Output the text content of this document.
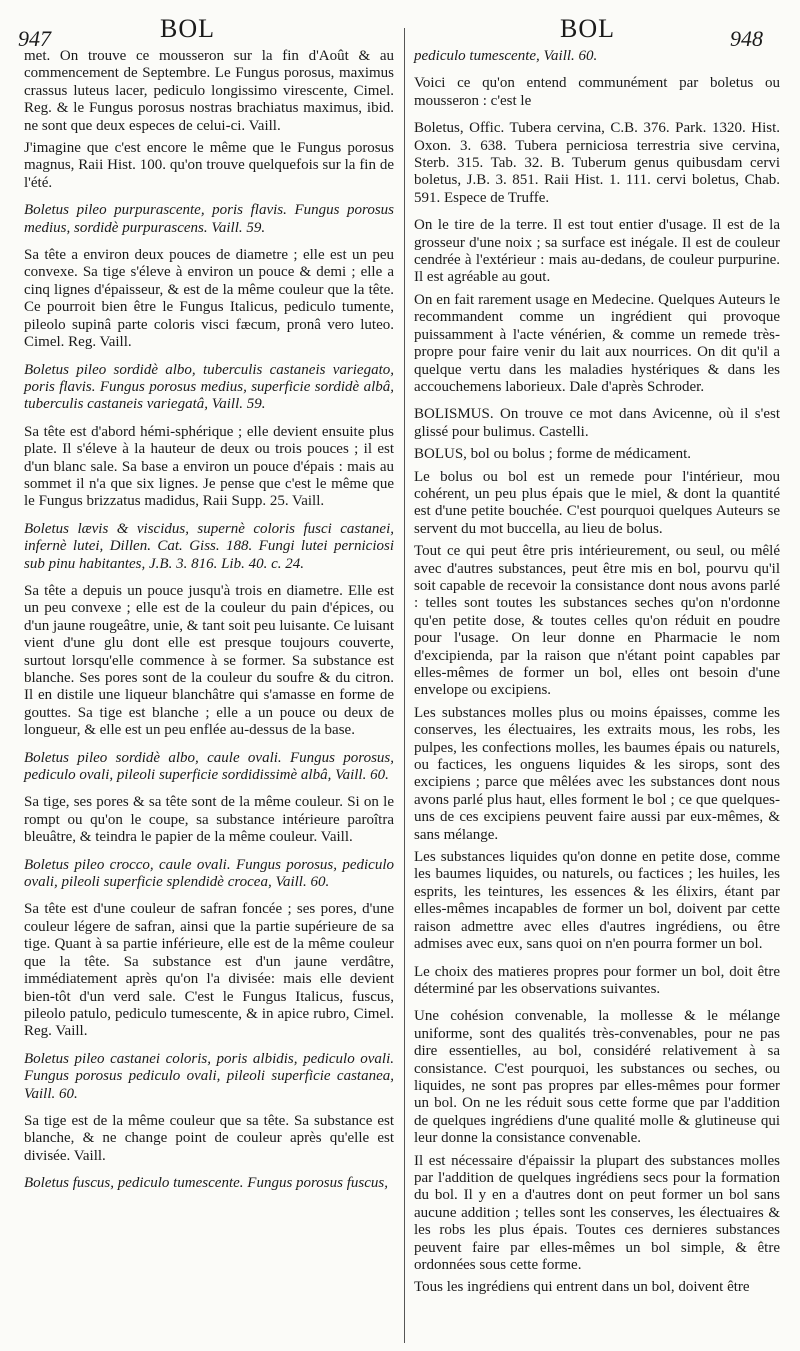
947	BOL	BOL	948

met. On trouve ce mousseron sur la fin d'Août & au commencement de Septembre. Le Fungus porosus, maximus crassus luteus lacer, pediculo longissimo virescente, Cimel. Reg. & le Fungus porosus nostras brachiatus maximus, ibid. ne sont que deux especes de celui-ci. Vaill.

J'imagine que c'est encore le même que le Fungus porosus magnus, Raii Hist. 100. qu'on trouve quelquefois sur la fin de l'été.

Boletus pileo purpurascente, poris flavis. Fungus porosus medius, sordidè purpurascens. Vaill. 59.

Sa tête a environ deux pouces de diametre ; elle est un peu convexe. Sa tige s'éleve à environ un pouce & demi ; elle a cinq lignes d'épaisseur, & est de la même couleur que la tête. Ce pourroit bien être le Fungus Italicus, pediculo tumente, pileolo supinâ parte coloris visci fæcum, pronâ vero luteo. Cimel. Reg. Vaill.

Boletus pileo sordidè albo, tuberculis castaneis variegato, poris flavis. Fungus porosus medius, superficie sordidè albâ, tuberculis castaneis variegatâ, Vaill. 59.

Sa tête est d'abord hémi-sphérique ; elle devient ensuite plus plate. Il s'éleve à la hauteur de deux ou trois pouces ; il est d'un blanc sale. Sa base a environ un pouce d'épais : mais au sommet il n'a que six lignes. Je pense que c'est le même que le Fungus brizzatus madidus, Raii Supp. 25. Vaill.

Boletus lævis & viscidus, supernè coloris fusci castanei, infernè lutei, Dillen. Cat. Giss. 188. Fungi lutei perniciosi sub pinu habitantes, J.B. 3. 816. Lib. 40. c. 24.

Sa tête a depuis un pouce jusqu'à trois en diametre. Elle est un peu convexe ; elle est de la couleur du pain d'épices, ou d'un jaune rougeâtre, unie, & tant soit peu luisante. Ce luisant vient d'une glu dont elle est presque toujours couverte, surtout lorsqu'elle commence à se former. Sa substance est blanche. Ses pores sont de la couleur du soufre & du citron. Il en distile une liqueur blanchâtre qui s'amasse en forme de gouttes. Sa tige est blanche ; elle a un pouce ou deux de longueur, & elle est un peu enflée au-dessus de la base.

Boletus pileo sordidè albo, caule ovali. Fungus porosus, pediculo ovali, pileoli superficie sordidissimè albâ, Vaill. 60.

Sa tige, ses pores & sa tête sont de la même couleur. Si on le rompt ou qu'on le coupe, sa substance intérieure paroîtra bleuâtre, & teindra le papier de la même couleur. Vaill.

Boletus pileo crocco, caule ovali. Fungus porosus, pediculo ovali, pileoli superficie splendidè crocea, Vaill. 60.

Sa tête est d'une couleur de safran foncée ; ses pores, d'une couleur légere de safran, ainsi que la partie supérieure de sa tige. Quant à sa partie inférieure, elle est de la même couleur que la tête. Sa substance est d'un jaune verdâtre, immédiatement après qu'on l'a divisée: mais elle devient bien-tôt d'un verd sale. C'est le Fungus Italicus, fuscus, pileolo patulo, pediculo tumescente, & in apice rubro, Cimel. Reg. Vaill.

Boletus pileo castanei coloris, poris albidis, pediculo ovali. Fungus porosus pediculo ovali, pileoli superficie castanea, Vaill. 60.

Sa tige est de la même couleur que sa tête. Sa substance est blanche, & ne change point de couleur après qu'elle est divisée. Vaill.

Boletus fuscus, pediculo tumescente. Fungus porosus fuscus,

pediculo tumescente, Vaill. 60.

Voici ce qu'on entend communément par boletus ou mousseron : c'est le

Boletus, Offic. Tubera cervina, C.B. 376. Park. 1320. Hist. Oxon. 3. 638. Tubera perniciosa terrestria sive cervina, Sterb. 315. Tab. 32. B. Tuberum genus quibusdam cervi boletus, J.B. 3. 851. Raii Hist. 1. 111. cervi boletus, Chab. 591. Espece de Truffe.

On le tire de la terre. Il est tout entier d'usage. Il est de la grosseur d'une noix ; sa surface est inégale. Il est de couleur cendrée à l'extérieur : mais au-dedans, de couleur purpurine. Il est agréable au gout.

On en fait rarement usage en Medecine. Quelques Auteurs le recommandent comme un ingrédient qui provoque puissamment à l'acte vénérien, & comme un remede très-propre pour faire venir du lait aux nourrices. On dit qu'il a quelque vertu dans les maladies hystériques & dans les accouchemens laborieux. Dale d'après Schroder.

BOLISMUS. On trouve ce mot dans Avicenne, où il s'est glissé pour bulimus. Castelli.

BOLUS, bol ou bolus ; forme de médicament.

Le bolus ou bol est un remede pour l'intérieur, mou cohérent, un peu plus épais que le miel, & dont la quantité est d'une petite bouchée. C'est pourquoi quelques Auteurs se servent du mot buccella, au lieu de bolus.

Tout ce qui peut être pris intérieurement, ou seul, ou mêlé avec d'autres substances, peut être mis en bol, pourvu qu'il soit capable de recevoir la consistance dont nous avons parlé : telles sont toutes les substances seches qu'on n'ordonne qu'en petite dose, & toutes celles qu'on réduit en poudre pour l'usage. On leur donne en Pharmacie le nom d'excipienda, par la raison que n'étant point capables par elles-mêmes de former un bol, elles ont besoin d'une envelope ou excipiens.

Les substances molles plus ou moins épaisses, comme les conserves, les électuaires, les extraits mous, les robs, les pulpes, les confections molles, les baumes épais ou naturels, ou factices, les onguens liquides & les sirops, sont des excipiens ; parce que mêlées avec les substances dont nous avons parlé plus haut, elles forment le bol ; ce que quelques-uns de ces excipiens peuvent faire aussi par eux-mêmes, & sans mélange.

Les substances liquides qu'on donne en petite dose, comme les baumes liquides, ou naturels, ou factices ; les huiles, les esprits, les teintures, les essences & les élixirs, étant par elles-mêmes incapables de former un bol, doivent par cette raison admettre avec elles d'autres ingrédiens, ou être admises avec eux, sans quoi on n'en pourra former un bol.

Le choix des matieres propres pour former un bol, doit être déterminé par les observations suivantes.

Une cohésion convenable, la mollesse & le mélange uniforme, sont des qualités très-convenables, pour ne pas dire essentielles, au bol, considéré relativement à sa consistance. C'est pourquoi, les substances ou seches, ou liquides, ne sont pas propres par elles-mêmes pour former un bol. On ne les réduit sous cette forme que par l'addition de quelques ingrédiens d'une qualité molle & glutineuse qui leur donne la consistance convenable.

Il est nécessaire d'épaissir la plupart des substances molles par l'addition de quelques ingrédiens secs pour la formation du bol. Il y en a d'autres dont on peut former un bol sans aucune addition ; telles sont les conserves, les électuaires & les robs les plus épais. Toutes ces dernieres substances peuvent faire par elles-mêmes un bol simple, & être ordonnées sous cette forme.

Tous les ingrédiens qui entrent dans un bol, doivent être
